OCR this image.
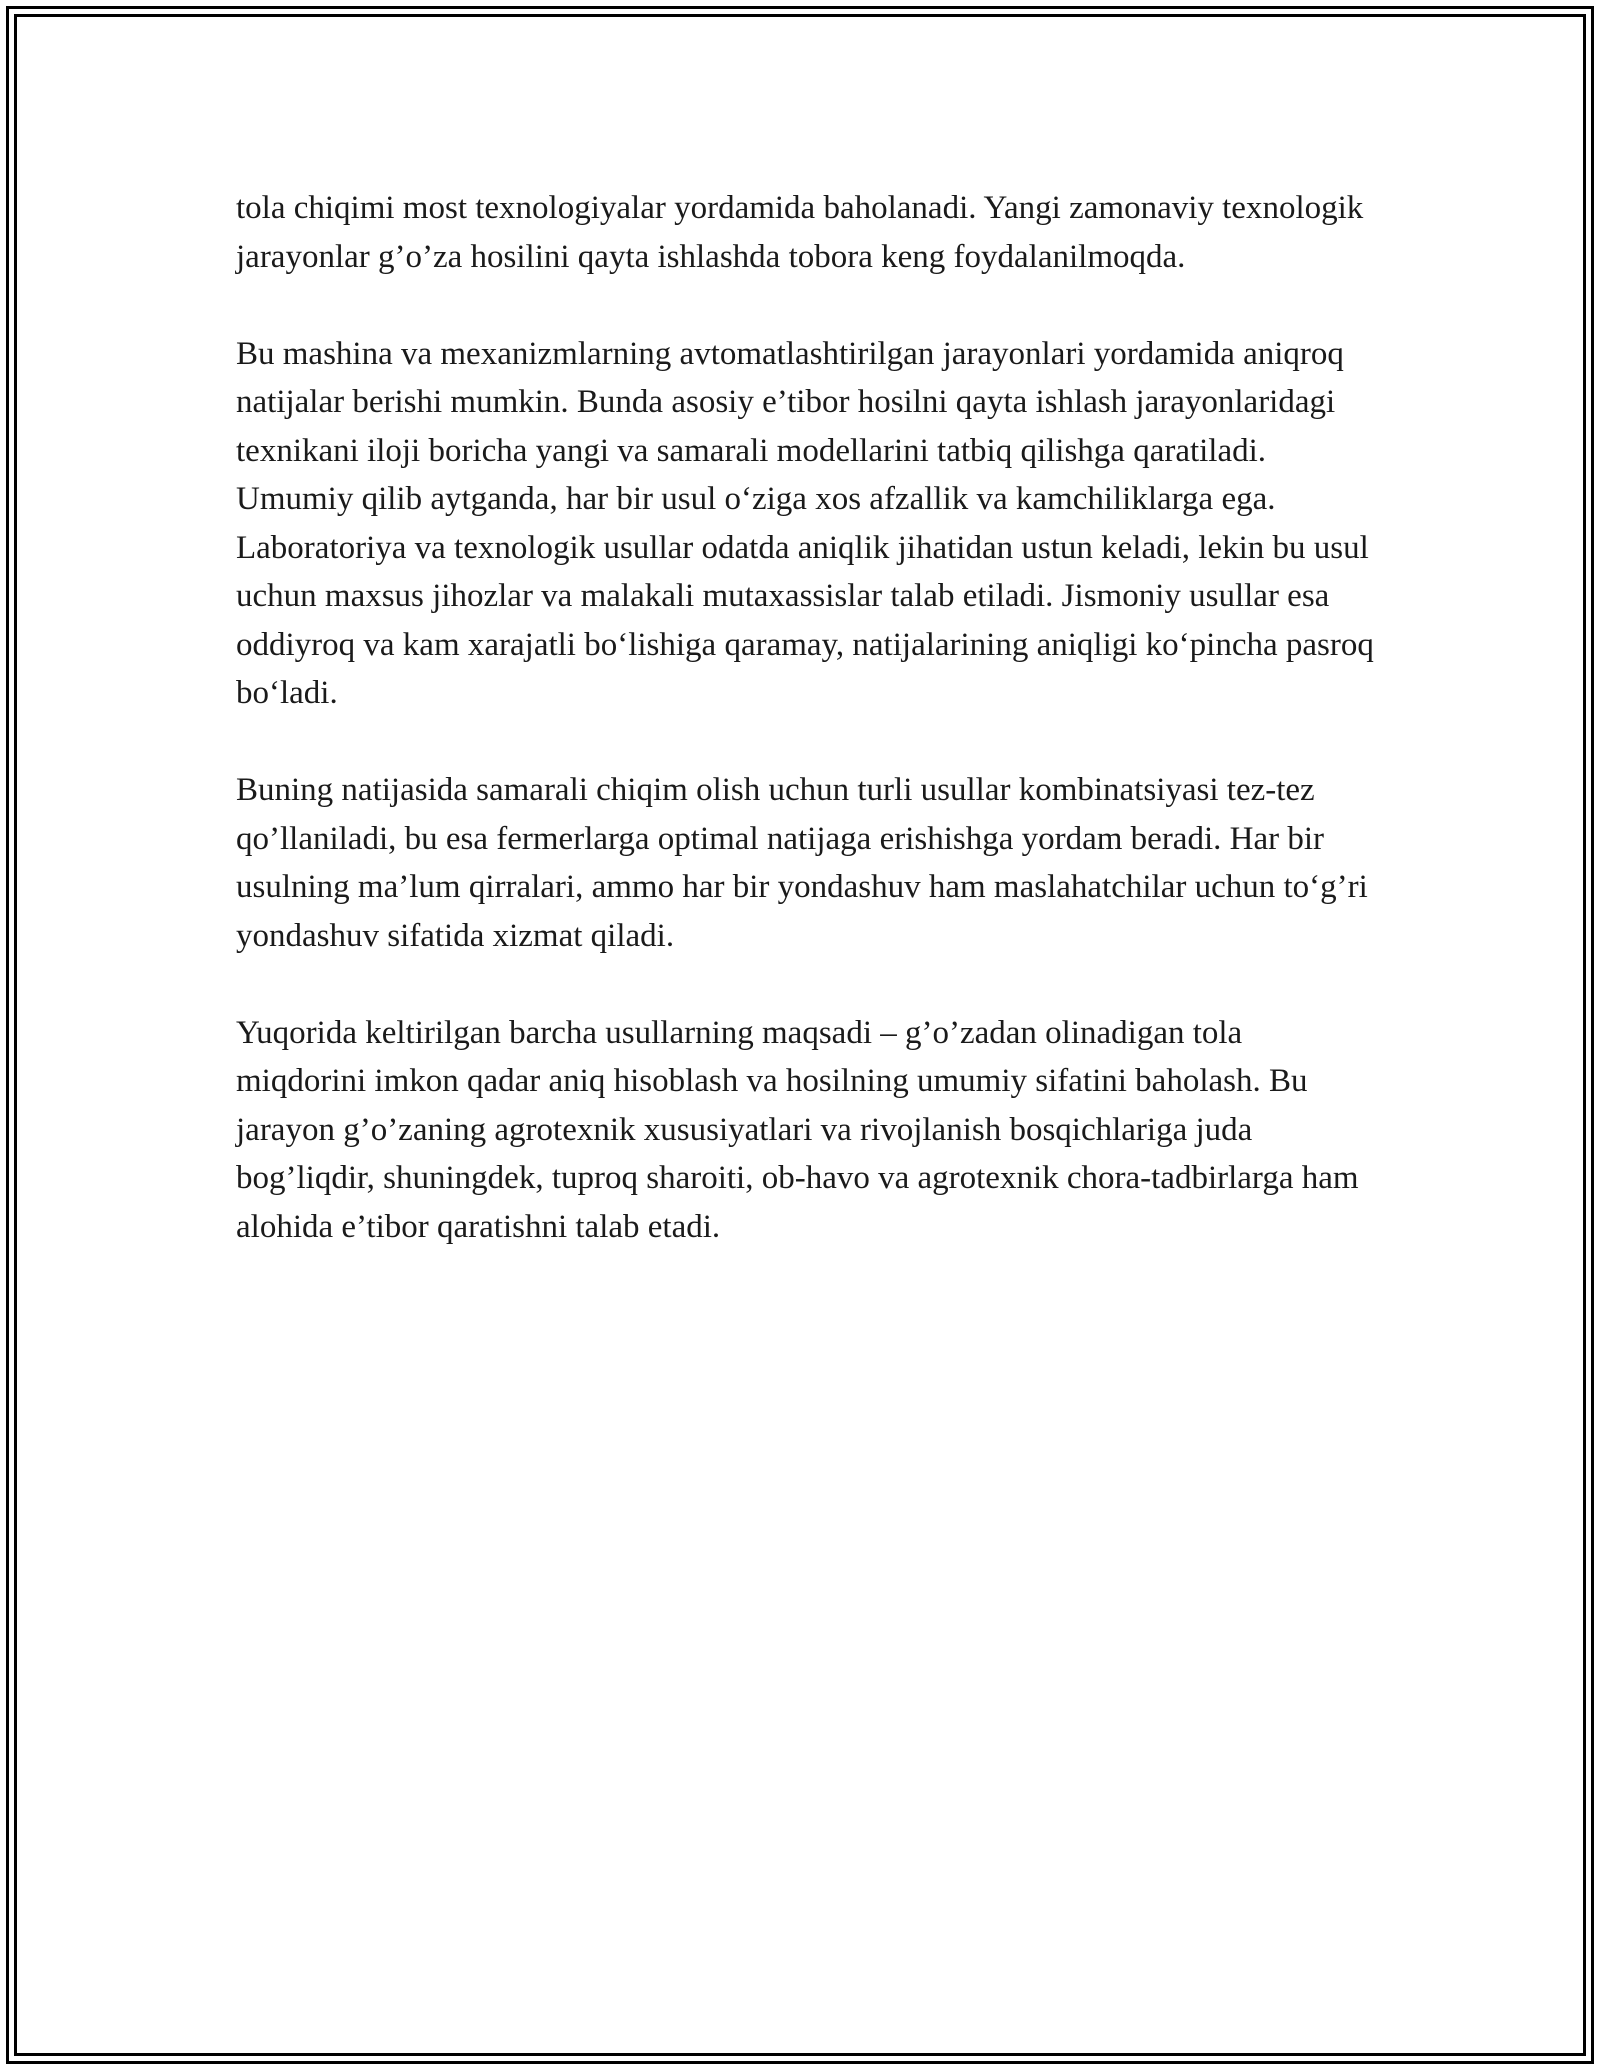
tola chiqimi most texnologiyalar yordamida baholanadi. Yangi zamonaviy texnologik jarayonlar g’o’za hosilini qayta ishlashda tobora keng foydalanilmoqda.

Bu mashina va mexanizmlarning avtomatlashtirilgan jarayonlari yordamida aniqroq natijalar berishi mumkin. Bunda asosiy e’tibor hosilni qayta ishlash jarayonlaridagi texnikani iloji boricha yangi va samarali modellarini tatbiq qilishga qaratiladi.

Umumiy qilib aytganda, har bir usul o‘ziga xos afzallik va kamchiliklarga ega. Laboratoriya va texnologik usullar odatda aniqlik jihatidan ustun keladi, lekin bu usul uchun maxsus jihozlar va malakali mutaxassislar talab etiladi. Jismoniy usullar esa oddiyroq va kam xarajatli bo‘lishiga qaramay, natijalarining aniqligi ko‘pincha pasroq bo‘ladi.

Buning natijasida samarali chiqim olish uchun turli usullar kombinatsiyasi tez-tez qo’llaniladi, bu esa fermerlarga optimal natijaga erishishga yordam beradi. Har bir usulning ma’lum qirralari, ammo har bir yondashuv ham maslahatchilar uchun to‘g’ri yondashuv sifatida xizmat qiladi.

Yuqorida keltirilgan barcha usullarning maqsadi – g’o’zadan olinadigan tola miqdorini imkon qadar aniq hisoblash va hosilning umumiy sifatini baholash. Bu jarayon g’o’zaning agrotexnik xususiyatlari va rivojlanish bosqichlariga juda bog’liqdir, shuningdek, tuproq sharoiti, ob-havo va agrotexnik chora-tadbirlarga ham alohida e’tibor qaratishni talab etadi.
